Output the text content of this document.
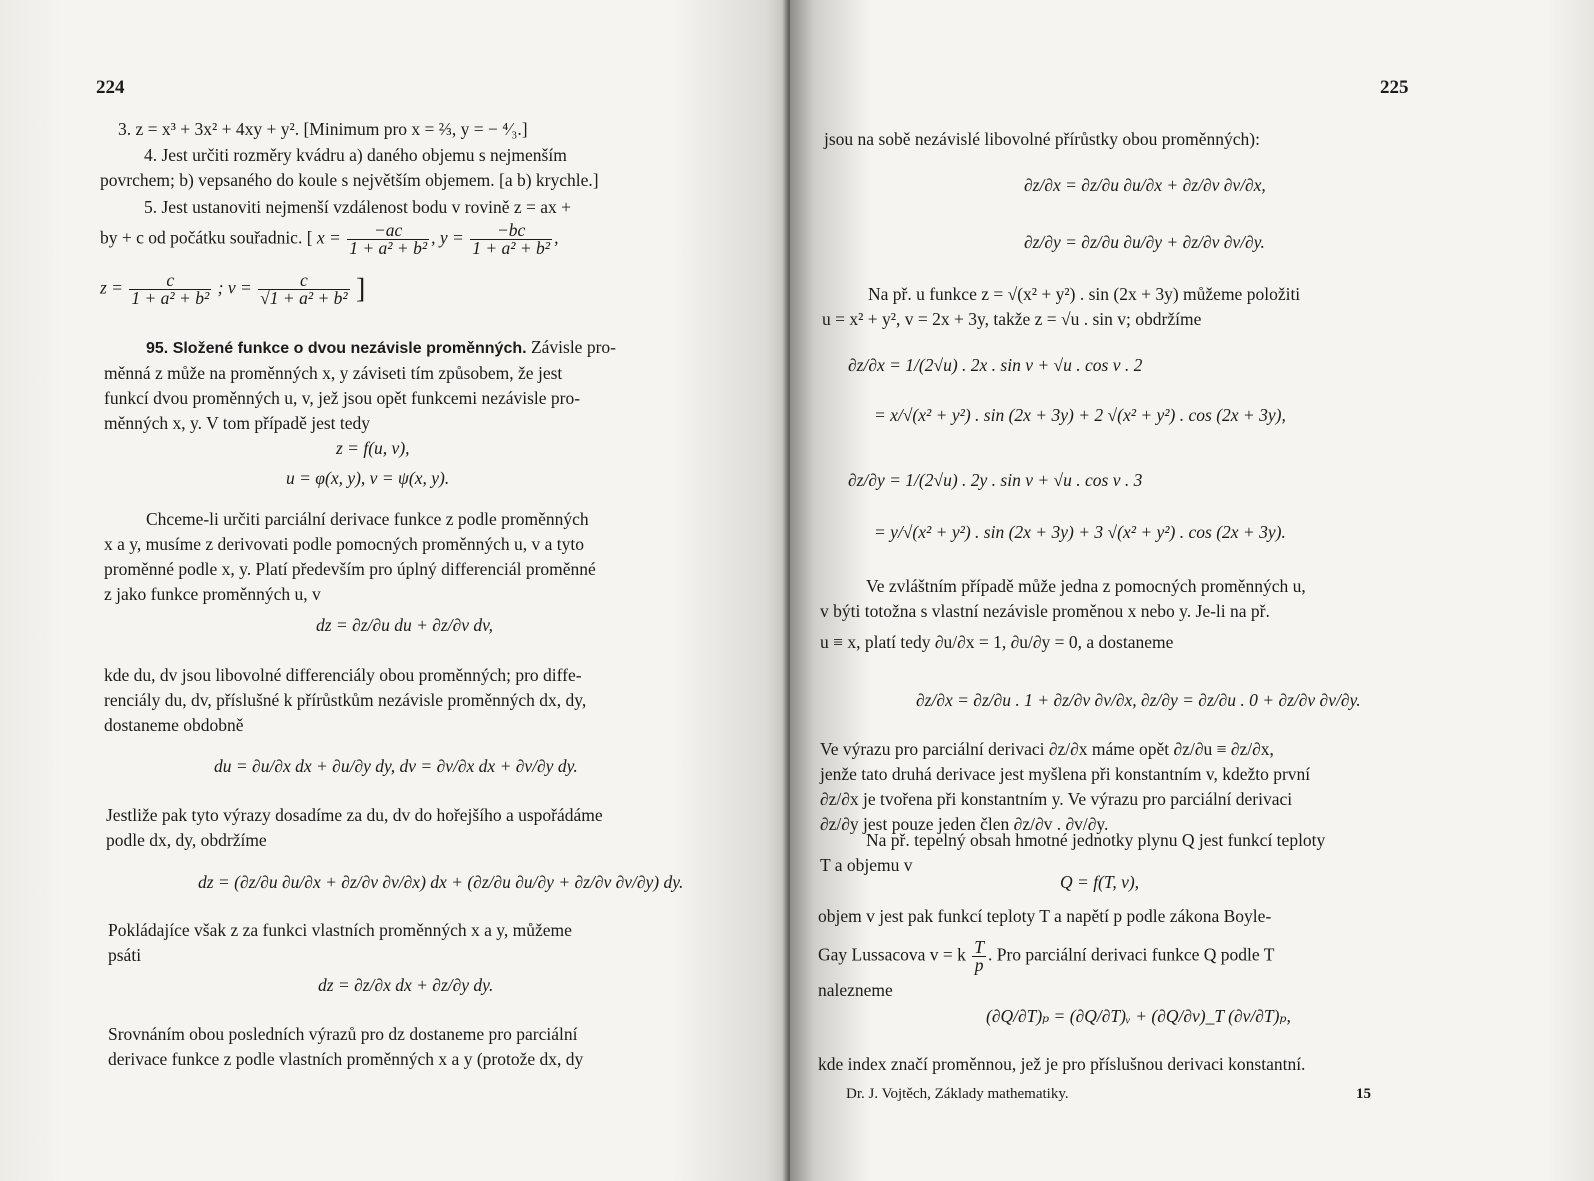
224
3. z = x³ + 3x² + 4xy + y². [Minimum pro x = ⅔, y = − ⁴⁄₃.]
4. Jest určiti rozměry kvádru a) daného objemu s nejmenším
povrchem; b) vepsaného do koule s největším objemem. [a b) krychle.]
5. Jest ustanoviti nejmenší vzdálenost bodu v rovině z = ax +
by + c od počátku souřadnic. [ $x = \frac{-ac}{\text{1 + a² + b²}}$ , $y = \frac{-bc}{\text{1 + a² + b²}}$ ,
$z = \frac{c}{\text{1 + a² + b²}}$ ; $v = \frac{c}{\text{√1 + a² + b²}}$ ]
95. Složené funkce o dvou nezávisle proměnných. Závisle pro-
měnná z může na proměnných x, y záviseti tím způsobem, že jest
funkcí dvou proměnných u, v, jež jsou opět funkcemi nezávisle pro-
měnných x, y. V tom případě jest tedy
z = f(u, v),
u = φ(x, y), v = ψ(x, y).
Chceme-li určiti parciální derivace funkce z podle proměnných
x a y, musíme z derivovati podle pomocných proměnných u, v a tyto
proměnné podle x, y. Platí především pro úplný differenciál proměnné
z jako funkce proměnných u, v
dz = ∂z/∂u du + ∂z/∂v dv,
kde du, dv jsou libovolné differenciály obou proměnných; pro diffe-
renciály du, dv, příslušné k přírůstkům nezávisle proměnných dx, dy,
dostaneme obdobně
du = ∂u/∂x dx + ∂u/∂y dy, dv = ∂v/∂x dx + ∂v/∂y dy.
Jestliže pak tyto výrazy dosadíme za du, dv do hořejšího a uspořádáme
podle dx, dy, obdržíme
dz = (∂z/∂u ∂u/∂x + ∂z/∂v ∂v/∂x) dx + (∂z/∂u ∂u/∂y + ∂z/∂v ∂v/∂y) dy.
Pokládajíce však z za funkci vlastních proměnných x a y, můžeme
psáti
dz = ∂z/∂x dx + ∂z/∂y dy.
Srovnáním obou posledních výrazů pro dz dostaneme pro parciální
derivace funkce z podle vlastních proměnných x a y (protože dx, dy
225
jsou na sobě nezávislé libovolné přírůstky obou proměnných):
∂z/∂x = ∂z/∂u ∂u/∂x + ∂z/∂v ∂v/∂x,
∂z/∂y = ∂z/∂u ∂u/∂y + ∂z/∂v ∂v/∂y.
Na př. u funkce z = √(x² + y²) . sin (2x + 3y) můžeme položiti
u = x² + y², v = 2x + 3y, takže z = √u . sin v; obdržíme
∂z/∂x = 1/(2√u) . 2x . sin v + √u . cos v . 2
= x/√(x² + y²) . sin (2x + 3y) + 2 √(x² + y²) . cos (2x + 3y),
∂z/∂y = 1/(2√u) . 2y . sin v + √u . cos v . 3
= y/√(x² + y²) . sin (2x + 3y) + 3 √(x² + y²) . cos (2x + 3y).
Ve zvláštním případě může jedna z pomocných proměnných u,
v býti totožna s vlastní nezávisle proměnou x nebo y. Je-li na př.
u ≡ x, platí tedy ∂u/∂x = 1, ∂u/∂y = 0, a dostaneme
∂z/∂x = ∂z/∂u . 1 + ∂z/∂v ∂v/∂x, ∂z/∂y = ∂z/∂u . 0 + ∂z/∂v ∂v/∂y.
Ve výrazu pro parciální derivaci ∂z/∂x máme opět ∂z/∂u ≡ ∂z/∂x,
jenže tato druhá derivace jest myšlena při konstantním v, kdežto první
∂z/∂x je tvořena při konstantním y. Ve výrazu pro parciální derivaci
∂z/∂y jest pouze jeden člen ∂z/∂v . ∂v/∂y.
Na př. tepelný obsah hmotné jednotky plynu Q jest funkcí teploty
T a objemu v
Q = f(T, v),
objem v jest pak funkcí teploty T a napětí p podle zákona Boyle-
Gay Lussacova v = k $\frac{T}{p}$ . Pro parciální derivaci funkce Q podle T
nalezneme
(∂Q/∂T)ₚ = (∂Q/∂T)ᵥ + (∂Q/∂v)_T (∂v/∂T)ₚ,
kde index značí proměnnou, jež je pro příslušnou derivaci konstantní.
Dr. J. Vojtěch, Základy mathematiky.	15
